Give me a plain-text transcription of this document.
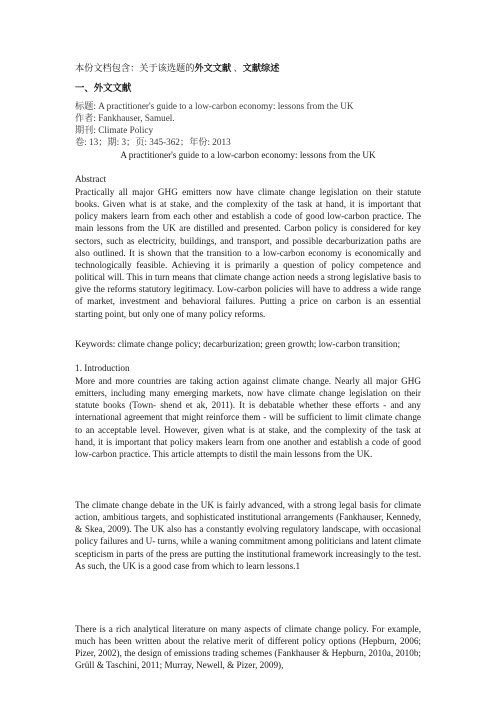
本份文档包含：关于该选题的外文文献 、文献综述
一、外文文献
标题: A practitioner's guide to a low-carbon economy: lessons from the UK
作者: Fankhauser, Samuel.
期刊: Climate Policy
卷: 13；期: 3；页: 345-362；年份: 2013
A practitioner's guide to a low-carbon economy: lessons from the UK
Abstract

Practically all major GHG emitters now have climate change legislation on their statute books. Given what is at stake, and the complexity of the task at hand, it is important that policy makers learn from each other and establish a code of good low-carbon practice. The main lessons from the UK are distilled and presented. Carbon policy is considered for key sectors, such as electricity, buildings, and transport, and possible decarburization paths are also outlined. It is shown that the transition to a low-carbon economy is economically and technologically feasible. Achieving it is primarily a question of policy competence and political will. This in turn means that climate change action needs a strong legislative basis to give the reforms statutory legitimacy. Low-carbon policies will have to address a wide range of market, investment and behavioral failures. Putting a price on carbon is an essential starting point, but only one of many policy reforms.

Keywords: climate change policy; decarburization; green growth; low-carbon transition;

1. Introduction

More and more countries are taking action against climate change. Nearly all major GHG emitters, including many emerging markets, now have climate change legislation on their statute books (Town- shend et ak, 2011). It is debatable whether these efforts - and any international agreement that might reinforce them - will be sufficient to limit climate change to an acceptable level. However, given what is at stake, and the complexity of the task at hand, it is important that policy makers learn from one another and establish a code of good low-carbon practice. This article attempts to distil the main lessons from the UK.

The climate change debate in the UK is fairly advanced, with a strong legal basis for climate action, ambitious targets, and sophisticated institutional arrangements (Fankhauser, Kennedy, & Skea, 2009). The UK also has a constantly evolving regulatory landscape, with occasional policy failures and U- turns, while a waning commitment among politicians and latent climate scepticism in parts of the press are putting the institutional framework increasingly to the test. As such, the UK is a good case from which to learn lessons.1

There is a rich analytical literature on many aspects of climate change policy. For example, much has been written about the relative merit of different policy options (Hepburn, 2006; Pizer, 2002), the design of emissions trading schemes (Fankhauser & Hepburn, 2010a, 2010b; Grüll & Taschini, 2011; Murray, Newell, & Pizer, 2009),
